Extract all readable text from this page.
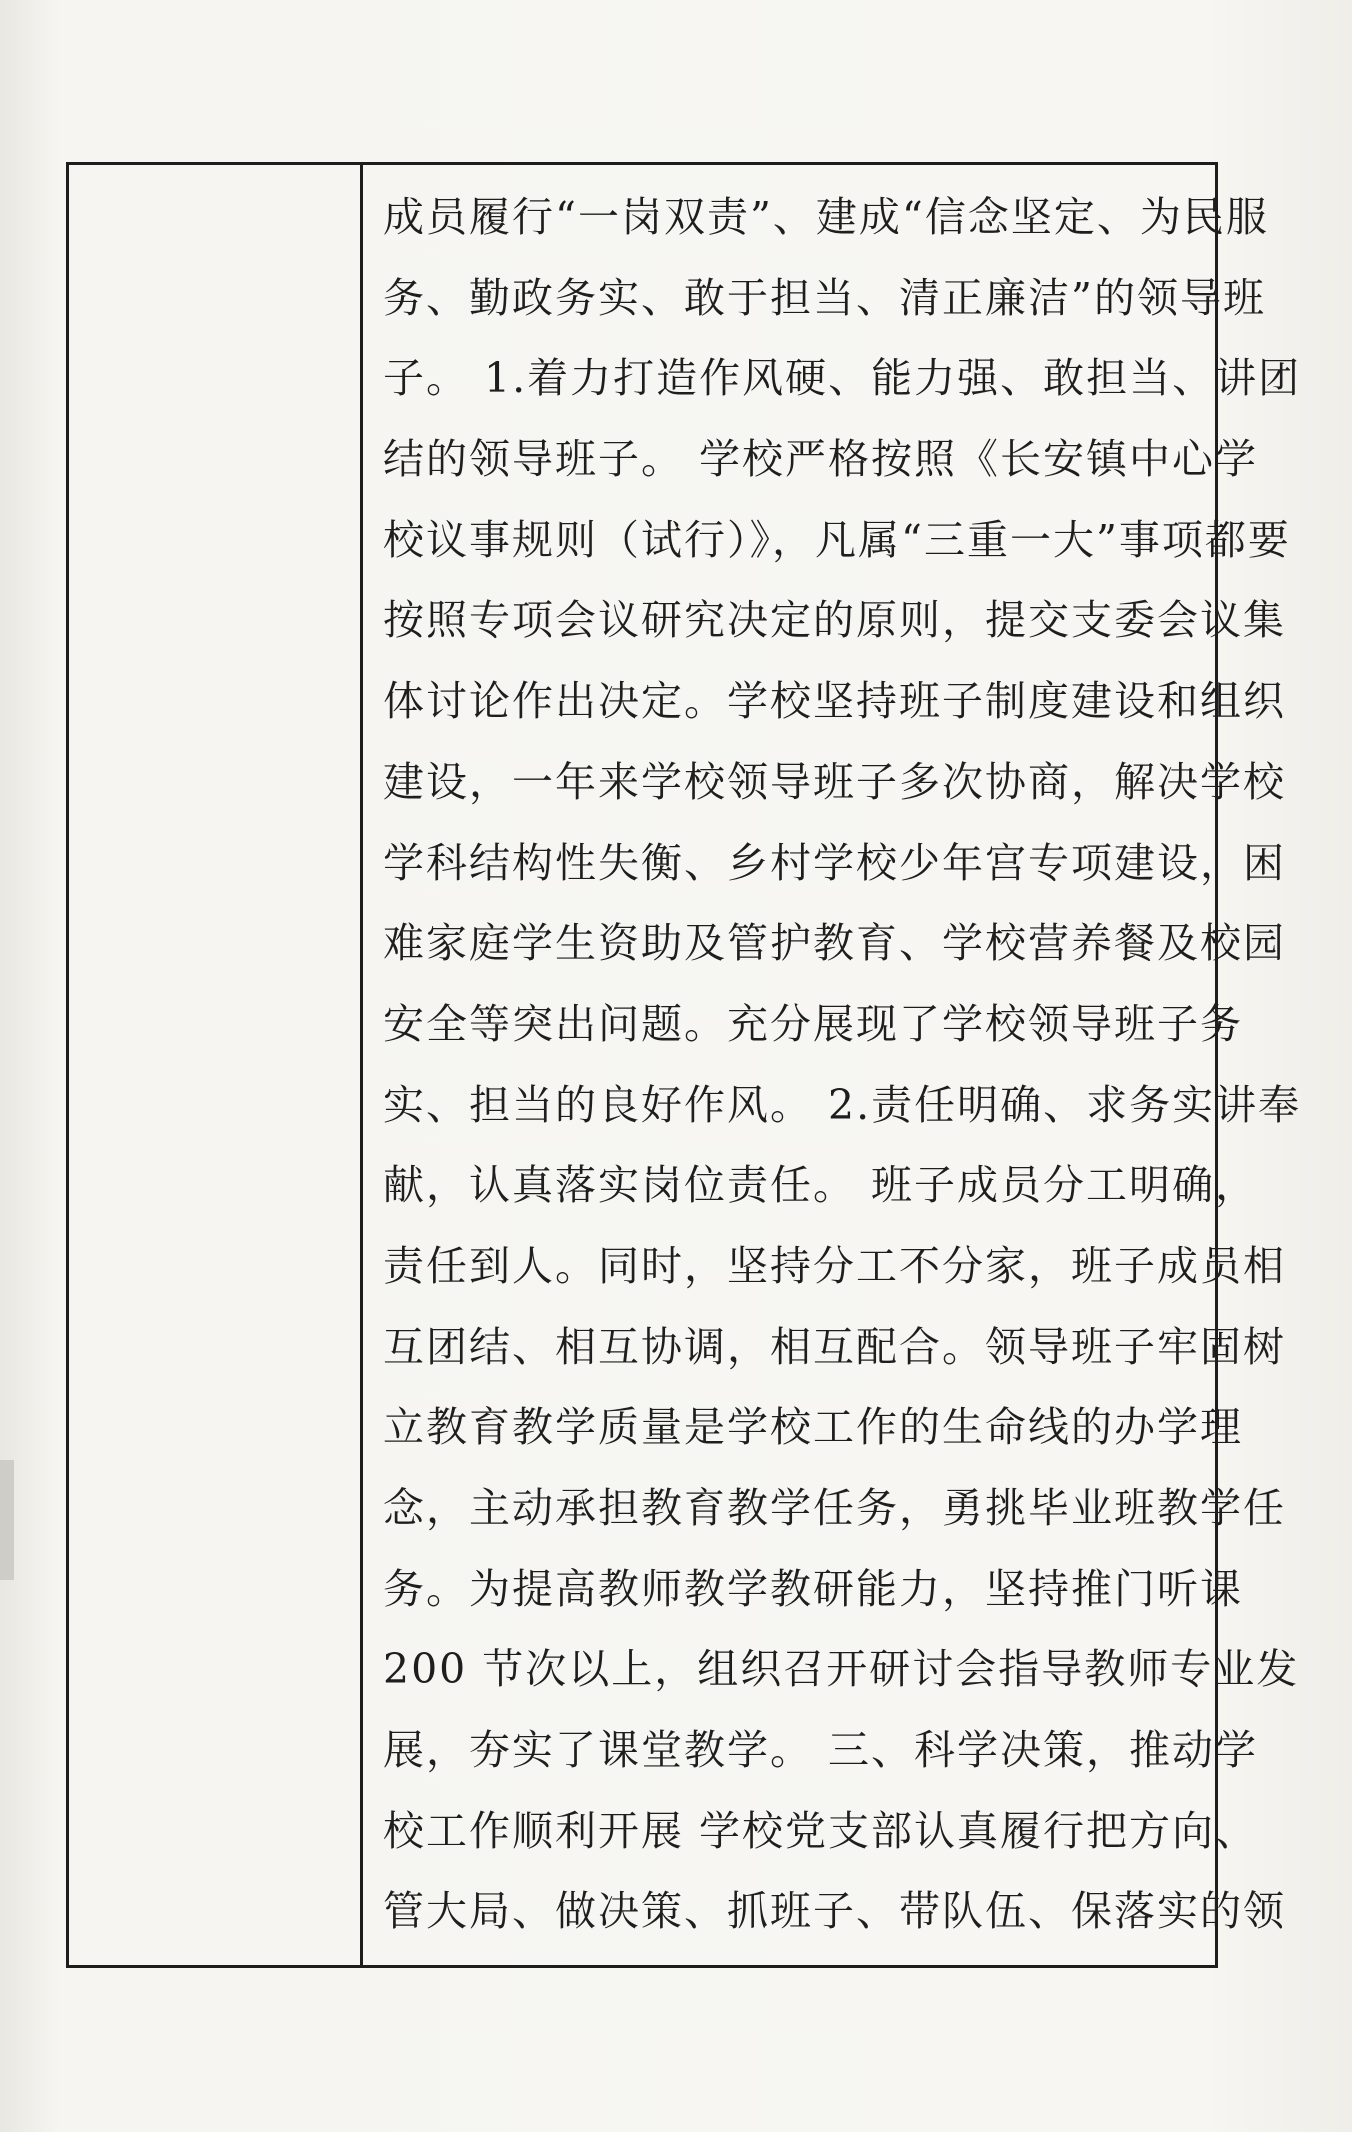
成员履行“一岗双责”、建成“信念坚定、为民服
务、勤政务实、敢于担当、清正廉洁”的领导班
子。 1.着力打造作风硬、能力强、敢担当、讲团
结的领导班子。 学校严格按照《长安镇中心学
校议事规则（试行）》，凡属“三重一大”事项都要
按照专项会议研究决定的原则，提交支委会议集
体讨论作出决定。学校坚持班子制度建设和组织
建设，一年来学校领导班子多次协商，解决学校
学科结构性失衡、乡村学校少年宫专项建设，困
难家庭学生资助及管护教育、学校营养餐及校园
安全等突出问题。充分展现了学校领导班子务
实、担当的良好作风。 2.责任明确、求务实讲奉
献，认真落实岗位责任。 班子成员分工明确，
责任到人。同时，坚持分工不分家，班子成员相
互团结、相互协调，相互配合。领导班子牢固树
立教育教学质量是学校工作的生命线的办学理
念，主动承担教育教学任务，勇挑毕业班教学任
务。为提高教师教学教研能力，坚持推门听课
200 节次以上，组织召开研讨会指导教师专业发
展，夯实了课堂教学。 三、科学决策，推动学
校工作顺利开展 学校党支部认真履行把方向、
管大局、做决策、抓班子、带队伍、保落实的领
